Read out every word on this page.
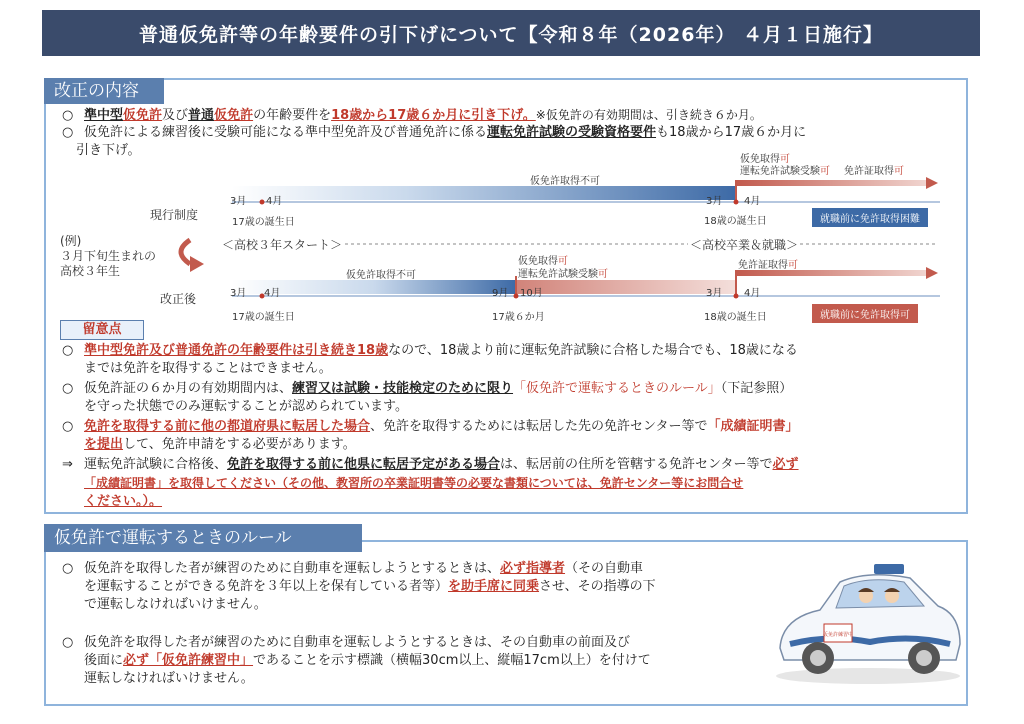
普通仮免許等の年齢要件の引下げについて【令和８年（2026年） ４月１日施行】
改正の内容
○ 準中型仮免許及び普通仮免許の年齢要件を18歳から17歳６か月に引き下げ。※仮免許の有効期間は、引き続き６か月。
○ 仮免許による練習後に受験可能になる準中型免許及び普通免許に係る運転免許試験の受験資格要件も18歳から17歳６か月に
引き下げ。
現行制度
改正後
(例)
３月下旬生まれの
高校３年生
＜高校３年スタート＞	＜高校卒業＆就職＞
3月 4月
17歳の誕生日
仮免許取得不可
3月 4月
18歳の誕生日
仮免取得可
運転免許試験受験可 免許証取得可
就職前に免許取得困難
3月 4月
17歳の誕生日
仮免許取得不可
9月 10月
17歳６か月
仮免取得可
運転免許試験受験可
3月 4月
18歳の誕生日
免許証取得可
就職前に免許取得可
留意点
○ 準中型免許及び普通免許の年齢要件は引き続き18歳なので、18歳より前に運転免許試験に合格した場合でも、18歳になる
までは免許を取得することはできません。
○ 仮免許証の６か月の有効期間内は、練習又は試験・技能検定のために限り「仮免許で運転するときのルール」（下記参照）
を守った状態でのみ運転することが認められています。
○ 免許を取得する前に他の都道府県に転居した場合、免許を取得するためには転居した先の免許センター等で「成績証明書」
を提出して、免許申請をする必要があります。
⇒ 運転免許試験に合格後、免許を取得する前に他県に転居予定がある場合は、転居前の住所を管轄する免許センター等で必ず
「成績証明書」を取得してください（その他、教習所の卒業証明書等の必要な書類については、免許センター等にお問合せ
ください。）。
仮免許で運転するときのルール
○ 仮免許を取得した者が練習のために自動車を運転しようとするときは、必ず指導者（その自動車
を運転することができる免許を３年以上を保有している者等）を助手席に同乗させ、その指導の下
で運転しなければいけません。
○ 仮免許を取得した者が練習のために自動車を運転しようとするときは、その自動車の前面及び
後面に必ず「仮免許練習中」であることを示す標識（横幅30cm以上、縦幅17cm以上）を付けて
運転しなければいけません。
仮免許練習中
